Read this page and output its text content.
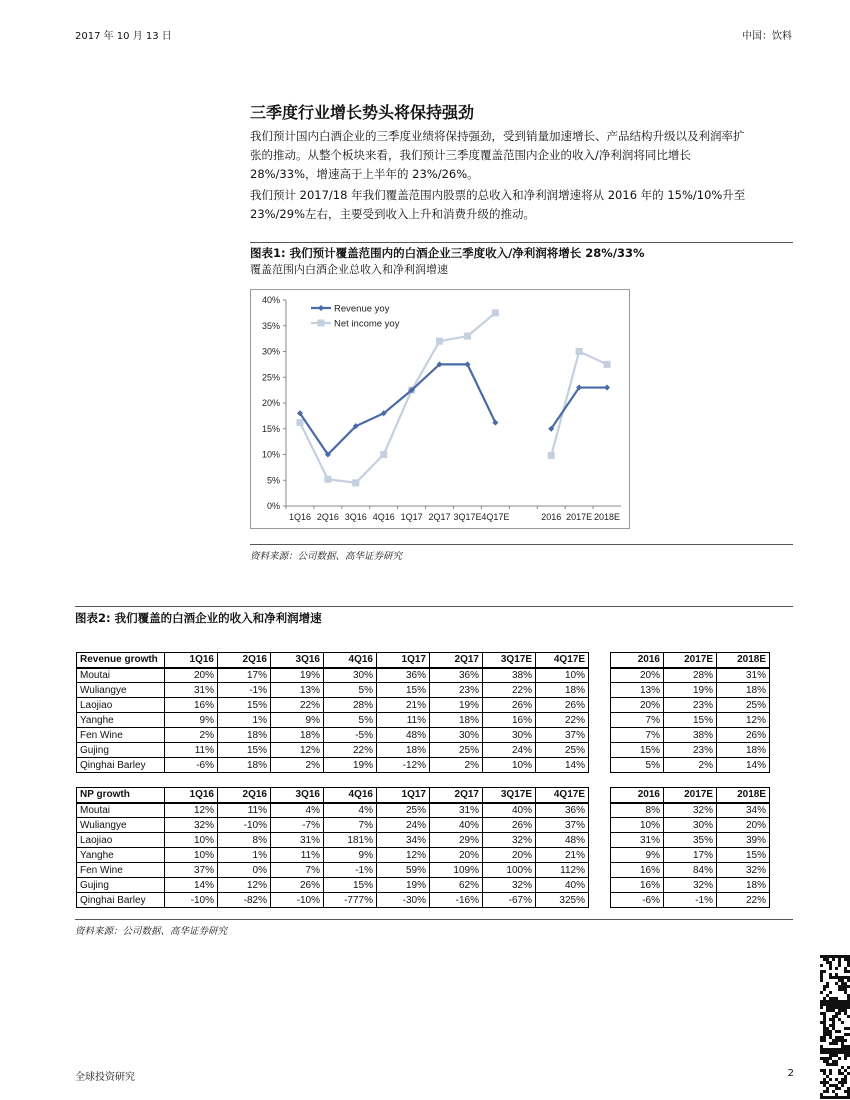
2017 年 10 月 13 日	中国：饮料
三季度行业增长势头将保持强劲
我们预计国内白酒企业的三季度业绩将保持强劲，受到销量加速增长、产品结构升级以及利润率扩
张的推动。从整个板块来看，我们预计三季度覆盖范围内企业的收入/净利润将同比增长
28%/33%，增速高于上半年的 23%/26%。
我们预计 2017/18 年我们覆盖范围内股票的总收入和净利润增速将从 2016 年的 15%/10%升至
23%/29%左右，主要受到收入上升和消费升级的推动。
图表1: 我们预计覆盖范围内的白酒企业三季度收入/净利润将增长 28%/33%
覆盖范围内白酒企业总收入和净利润增速
0%
5%
10%
15%
20%
25%
30%
35%
40%
1Q16 2Q16 3Q16 4Q16 1Q17 2Q17 3Q17E 4Q17E	2016 2017E 2018E
Revenue yoy
Net income yoy
资料来源：公司数据、高华证券研究
图表2: 我们覆盖的白酒企业的收入和净利润增速
Revenue growth	1Q16	2Q16	3Q16	4Q16	1Q17	2Q17	3Q17E	4Q17E		2016	2017E	2018E
Moutai	20%	17%	19%	30%	36%	36%	38%	10%		20%	28%	31%
Wuliangye	31%	-1%	13%	5%	15%	23%	22%	18%		13%	19%	18%
Laojiao	16%	15%	22%	28%	21%	19%	26%	26%		20%	23%	25%
Yanghe	9%	1%	9%	5%	11%	18%	16%	22%		7%	15%	12%
Fen Wine	2%	18%	18%	-5%	48%	30%	30%	37%		7%	38%	26%
Gujing	11%	15%	12%	22%	18%	25%	24%	25%		15%	23%	18%
Qinghai Barley	-6%	18%	2%	19%	-12%	2%	10%	14%		5%	2%	14%
NP growth	1Q16	2Q16	3Q16	4Q16	1Q17	2Q17	3Q17E	4Q17E		2016	2017E	2018E
Moutai	12%	11%	4%	4%	25%	31%	40%	36%		8%	32%	34%
Wuliangye	32%	-10%	-7%	7%	24%	40%	26%	37%		10%	30%	20%
Laojiao	10%	8%	31%	181%	34%	29%	32%	48%		31%	35%	39%
Yanghe	10%	1%	11%	9%	12%	20%	20%	21%		9%	17%	15%
Fen Wine	37%	0%	7%	-1%	59%	109%	100%	112%		16%	84%	32%
Gujing	14%	12%	26%	15%	19%	62%	32%	40%		16%	32%	18%
Qinghai Barley	-10%	-82%	-10%	-777%	-30%	-16%	-67%	325%		-6%	-1%	22%
资料来源：公司数据、高华证券研究
全球投资研究	2
